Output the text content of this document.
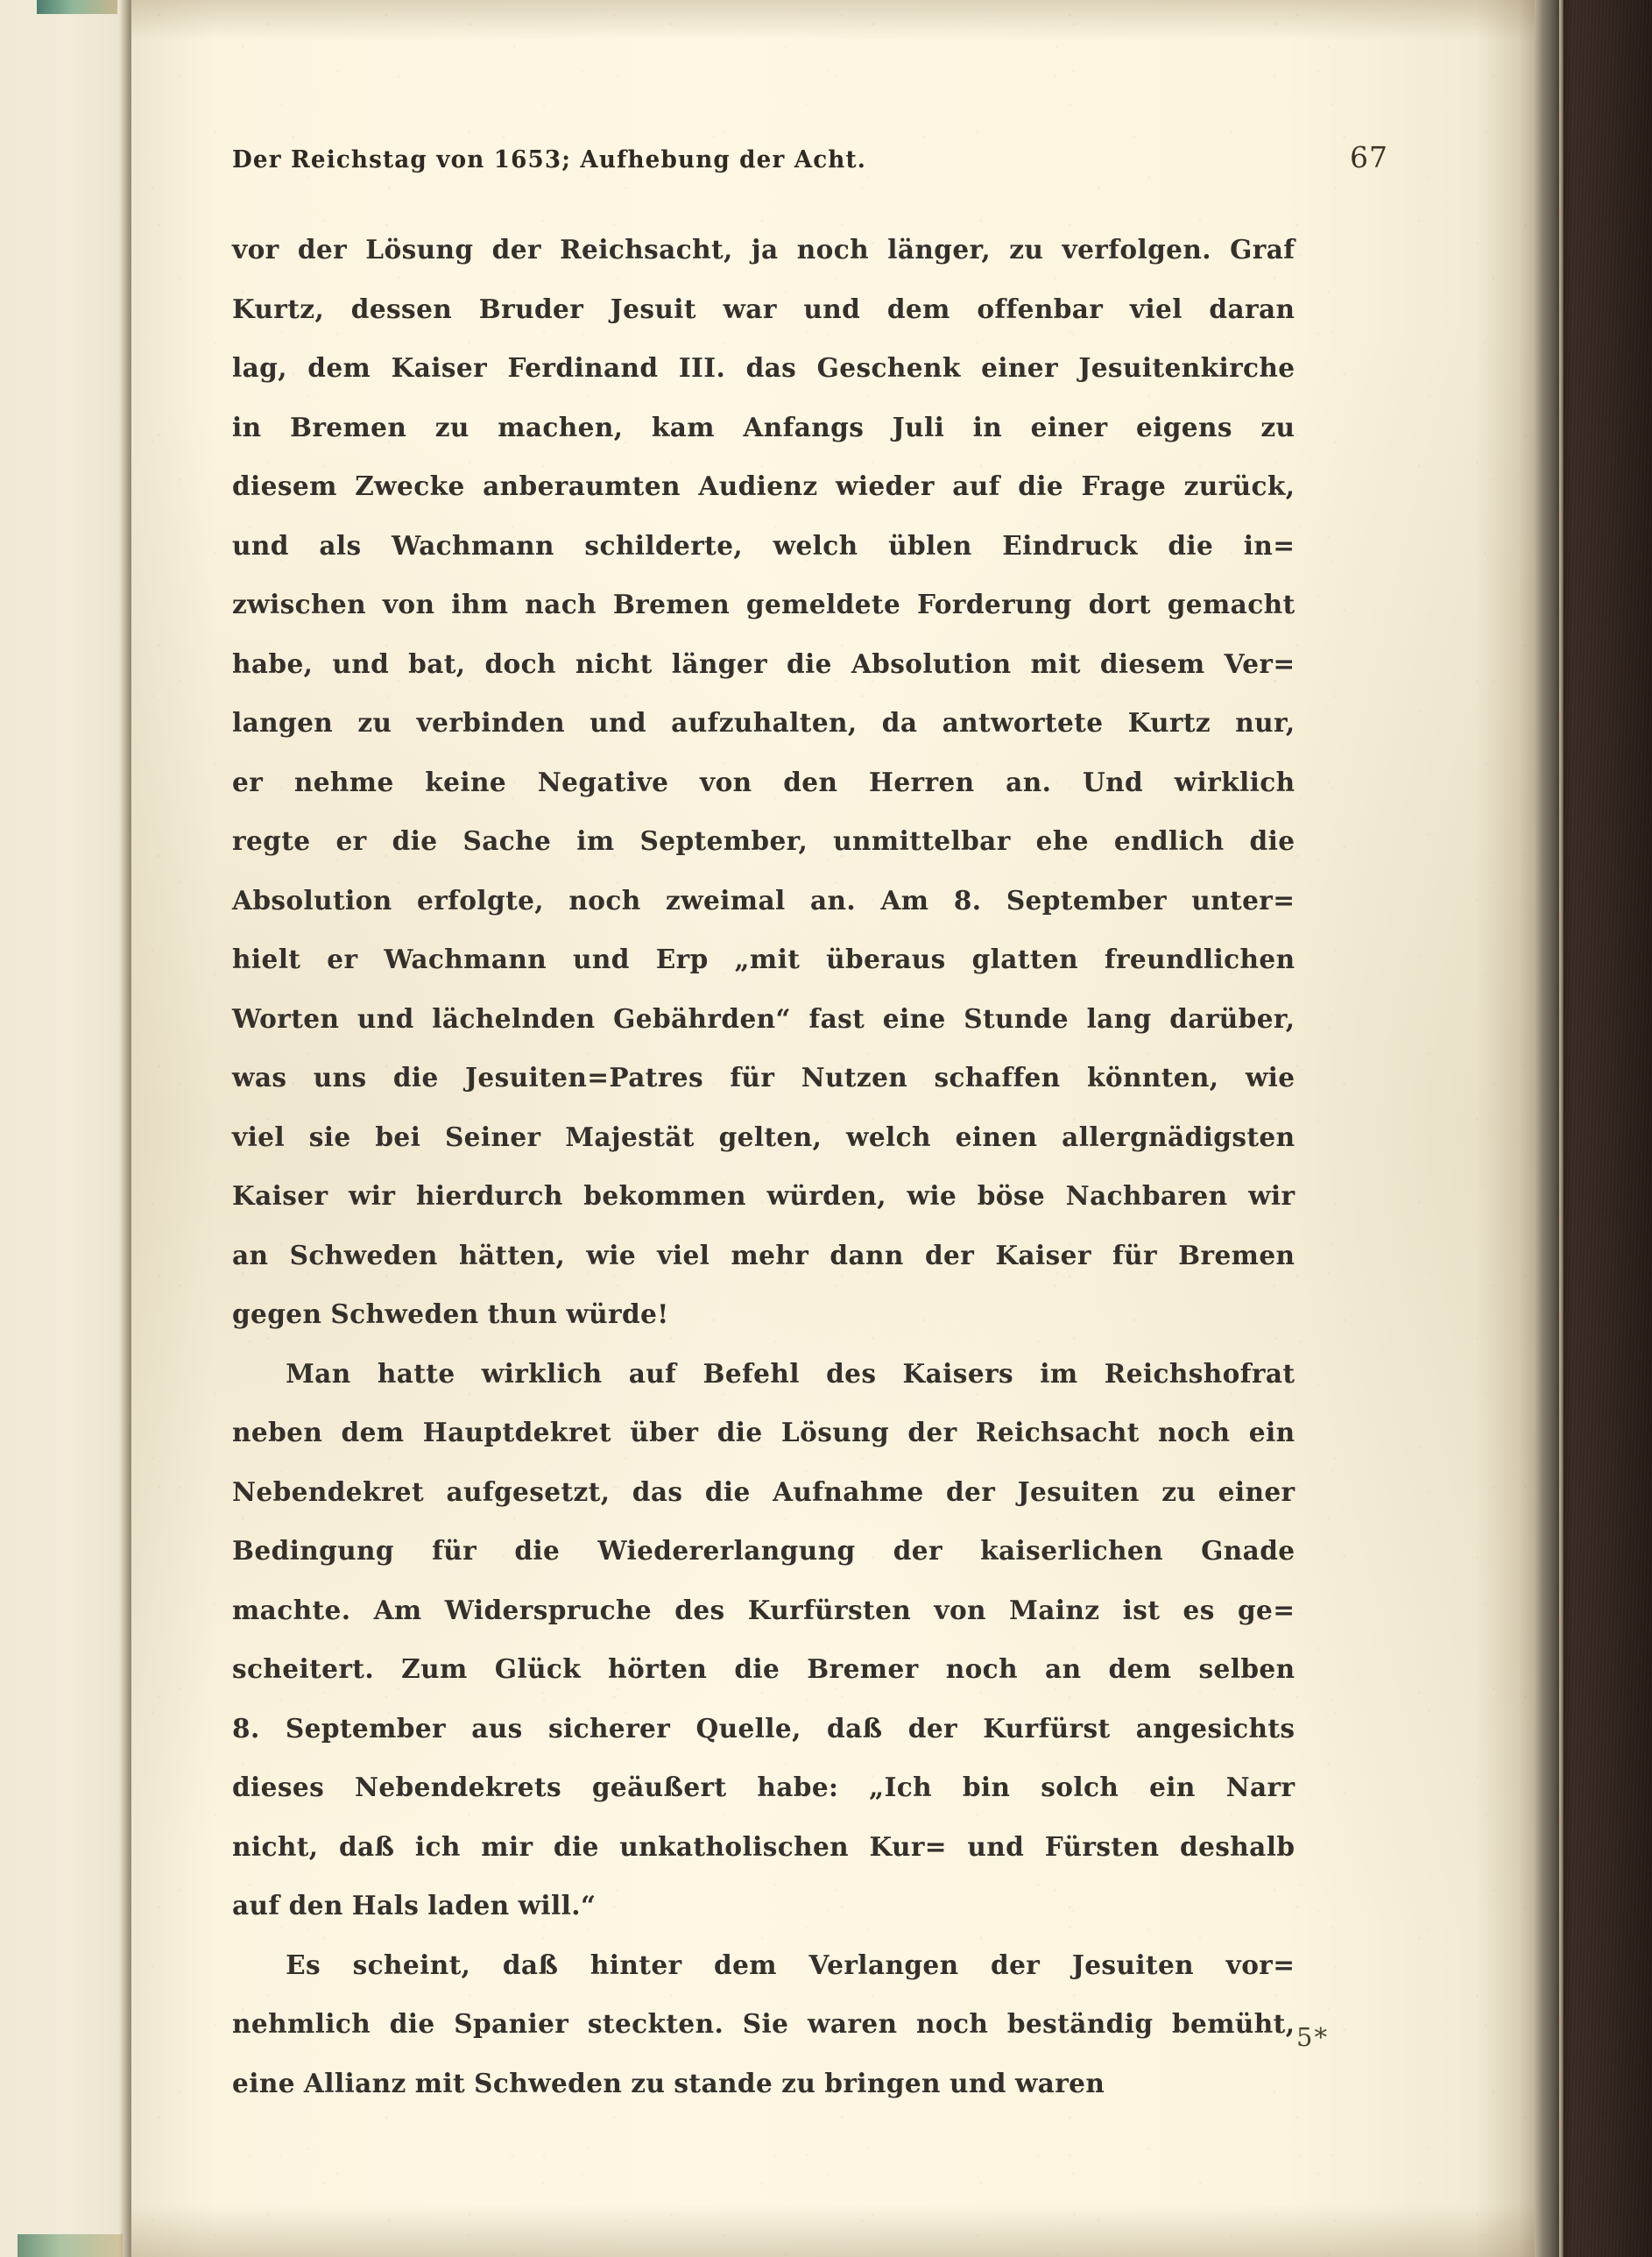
Der Reichstag von 1653; Aufhebung der Acht.	67
vor der Lösung der Reichsacht, ja noch länger, zu verfolgen. Graf
Kurtz, dessen Bruder Jesuit war und dem offenbar viel daran
lag, dem Kaiser Ferdinand III. das Geschenk einer Jesuitenkirche
in Bremen zu machen, kam Anfangs Juli in einer eigens zu
diesem Zwecke anberaumten Audienz wieder auf die Frage zurück,
und als Wachmann schilderte, welch üblen Eindruck die in=
zwischen von ihm nach Bremen gemeldete Forderung dort gemacht
habe, und bat, doch nicht länger die Absolution mit diesem Ver=
langen zu verbinden und aufzuhalten, da antwortete Kurtz nur,
er nehme keine Negative von den Herren an. Und wirklich
regte er die Sache im September, unmittelbar ehe endlich die
Absolution erfolgte, noch zweimal an. Am 8. September unter=
hielt er Wachmann und Erp „mit überaus glatten freundlichen
Worten und lächelnden Gebährden“ fast eine Stunde lang darüber,
was uns die Jesuiten=Patres für Nutzen schaffen könnten, wie
viel sie bei Seiner Majestät gelten, welch einen allergnädigsten
Kaiser wir hierdurch bekommen würden, wie böse Nachbaren wir
an Schweden hätten, wie viel mehr dann der Kaiser für Bremen
gegen Schweden thun würde!
Man hatte wirklich auf Befehl des Kaisers im Reichshofrat
neben dem Hauptdekret über die Lösung der Reichsacht noch ein
Nebendekret aufgesetzt, das die Aufnahme der Jesuiten zu einer
Bedingung für die Wiedererlangung der kaiserlichen Gnade
machte. Am Widerspruche des Kurfürsten von Mainz ist es ge=
scheitert. Zum Glück hörten die Bremer noch an dem selben
8. September aus sicherer Quelle, daß der Kurfürst angesichts
dieses Nebendekrets geäußert habe: „Ich bin solch ein Narr
nicht, daß ich mir die unkatholischen Kur= und Fürsten deshalb
auf den Hals laden will.“
Es scheint, daß hinter dem Verlangen der Jesuiten vor=
nehmlich die Spanier steckten. Sie waren noch beständig bemüht,
eine Allianz mit Schweden zu stande zu bringen und waren
5*
